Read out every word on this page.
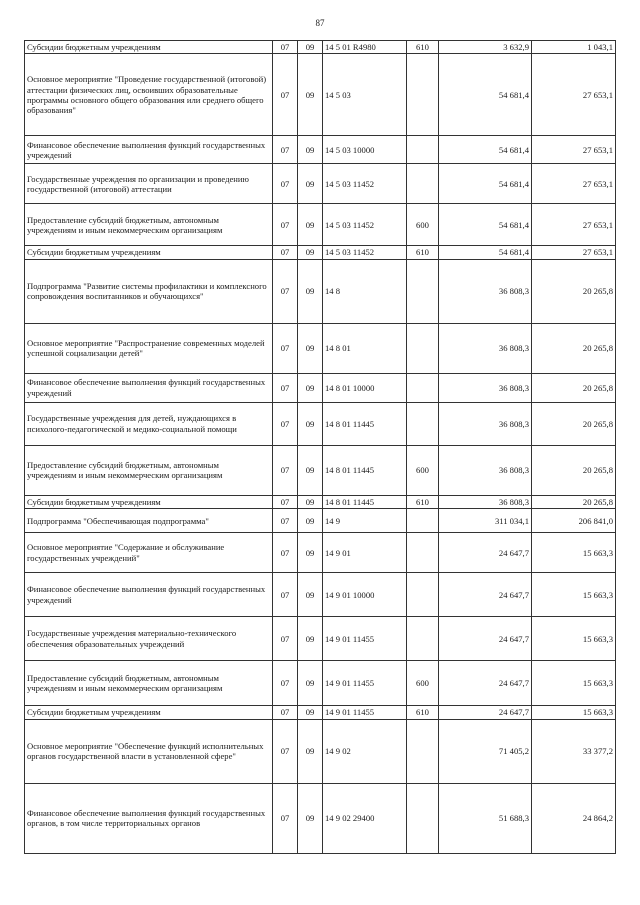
87
Субсидии бюджетным учреждениям	07	09	14 5 01 R4980	610	3 632,9	1 043,1
Основное мероприятие "Проведение государственной (итоговой) аттестации физических лиц, освоивших образовательные программы основного общего образования или среднего общего образования"	07	09	14 5 03		54 681,4	27 653,1
Финансовое обеспечение выполнения функций государственных учреждений	07	09	14 5 03 10000		54 681,4	27 653,1
Государственные учреждения по организации и проведению государственной (итоговой) аттестации	07	09	14 5 03 11452		54 681,4	27 653,1
Предоставление субсидий бюджетным, автономным учреждениям и иным некоммерческим организациям	07	09	14 5 03 11452	600	54 681,4	27 653,1
Субсидии бюджетным учреждениям	07	09	14 5 03 11452	610	54 681,4	27 653,1
Подпрограмма "Развитие системы профилактики и комплексного сопровождения воспитанников и обучающихся"	07	09	14 8		36 808,3	20 265,8
Основное мероприятие "Распространение современных моделей успешной социализации детей"	07	09	14 8 01		36 808,3	20 265,8
Финансовое обеспечение выполнения функций государственных учреждений	07	09	14 8 01 10000		36 808,3	20 265,8
Государственные учреждения для детей, нуждающихся в психолого-педагогической и медико-социальной помощи	07	09	14 8 01 11445		36 808,3	20 265,8
Предоставление субсидий бюджетным, автономным учреждениям и иным некоммерческим организациям	07	09	14 8 01 11445	600	36 808,3	20 265,8
Субсидии бюджетным учреждениям	07	09	14 8 01 11445	610	36 808,3	20 265,8
Подпрограмма "Обеспечивающая подпрограмма"	07	09	14 9		311 034,1	206 841,0
Основное мероприятие "Содержание и обслуживание государственных учреждений"	07	09	14 9 01		24 647,7	15 663,3
Финансовое обеспечение выполнения функций государственных учреждений	07	09	14 9 01 10000		24 647,7	15 663,3
Государственные учреждения материально-технического обеспечения образовательных учреждений	07	09	14 9 01 11455		24 647,7	15 663,3
Предоставление субсидий бюджетным, автономным учреждениям и иным некоммерческим организациям	07	09	14 9 01 11455	600	24 647,7	15 663,3
Субсидии бюджетным учреждениям	07	09	14 9 01 11455	610	24 647,7	15 663,3
Основное мероприятие "Обеспечение функций исполнительных органов государственной власти в установленной сфере"	07	09	14 9 02		71 405,2	33 377,2
Финансовое обеспечение выполнения функций государственных органов, в том числе территориальных органов	07	09	14 9 02 29400		51 688,3	24 864,2
